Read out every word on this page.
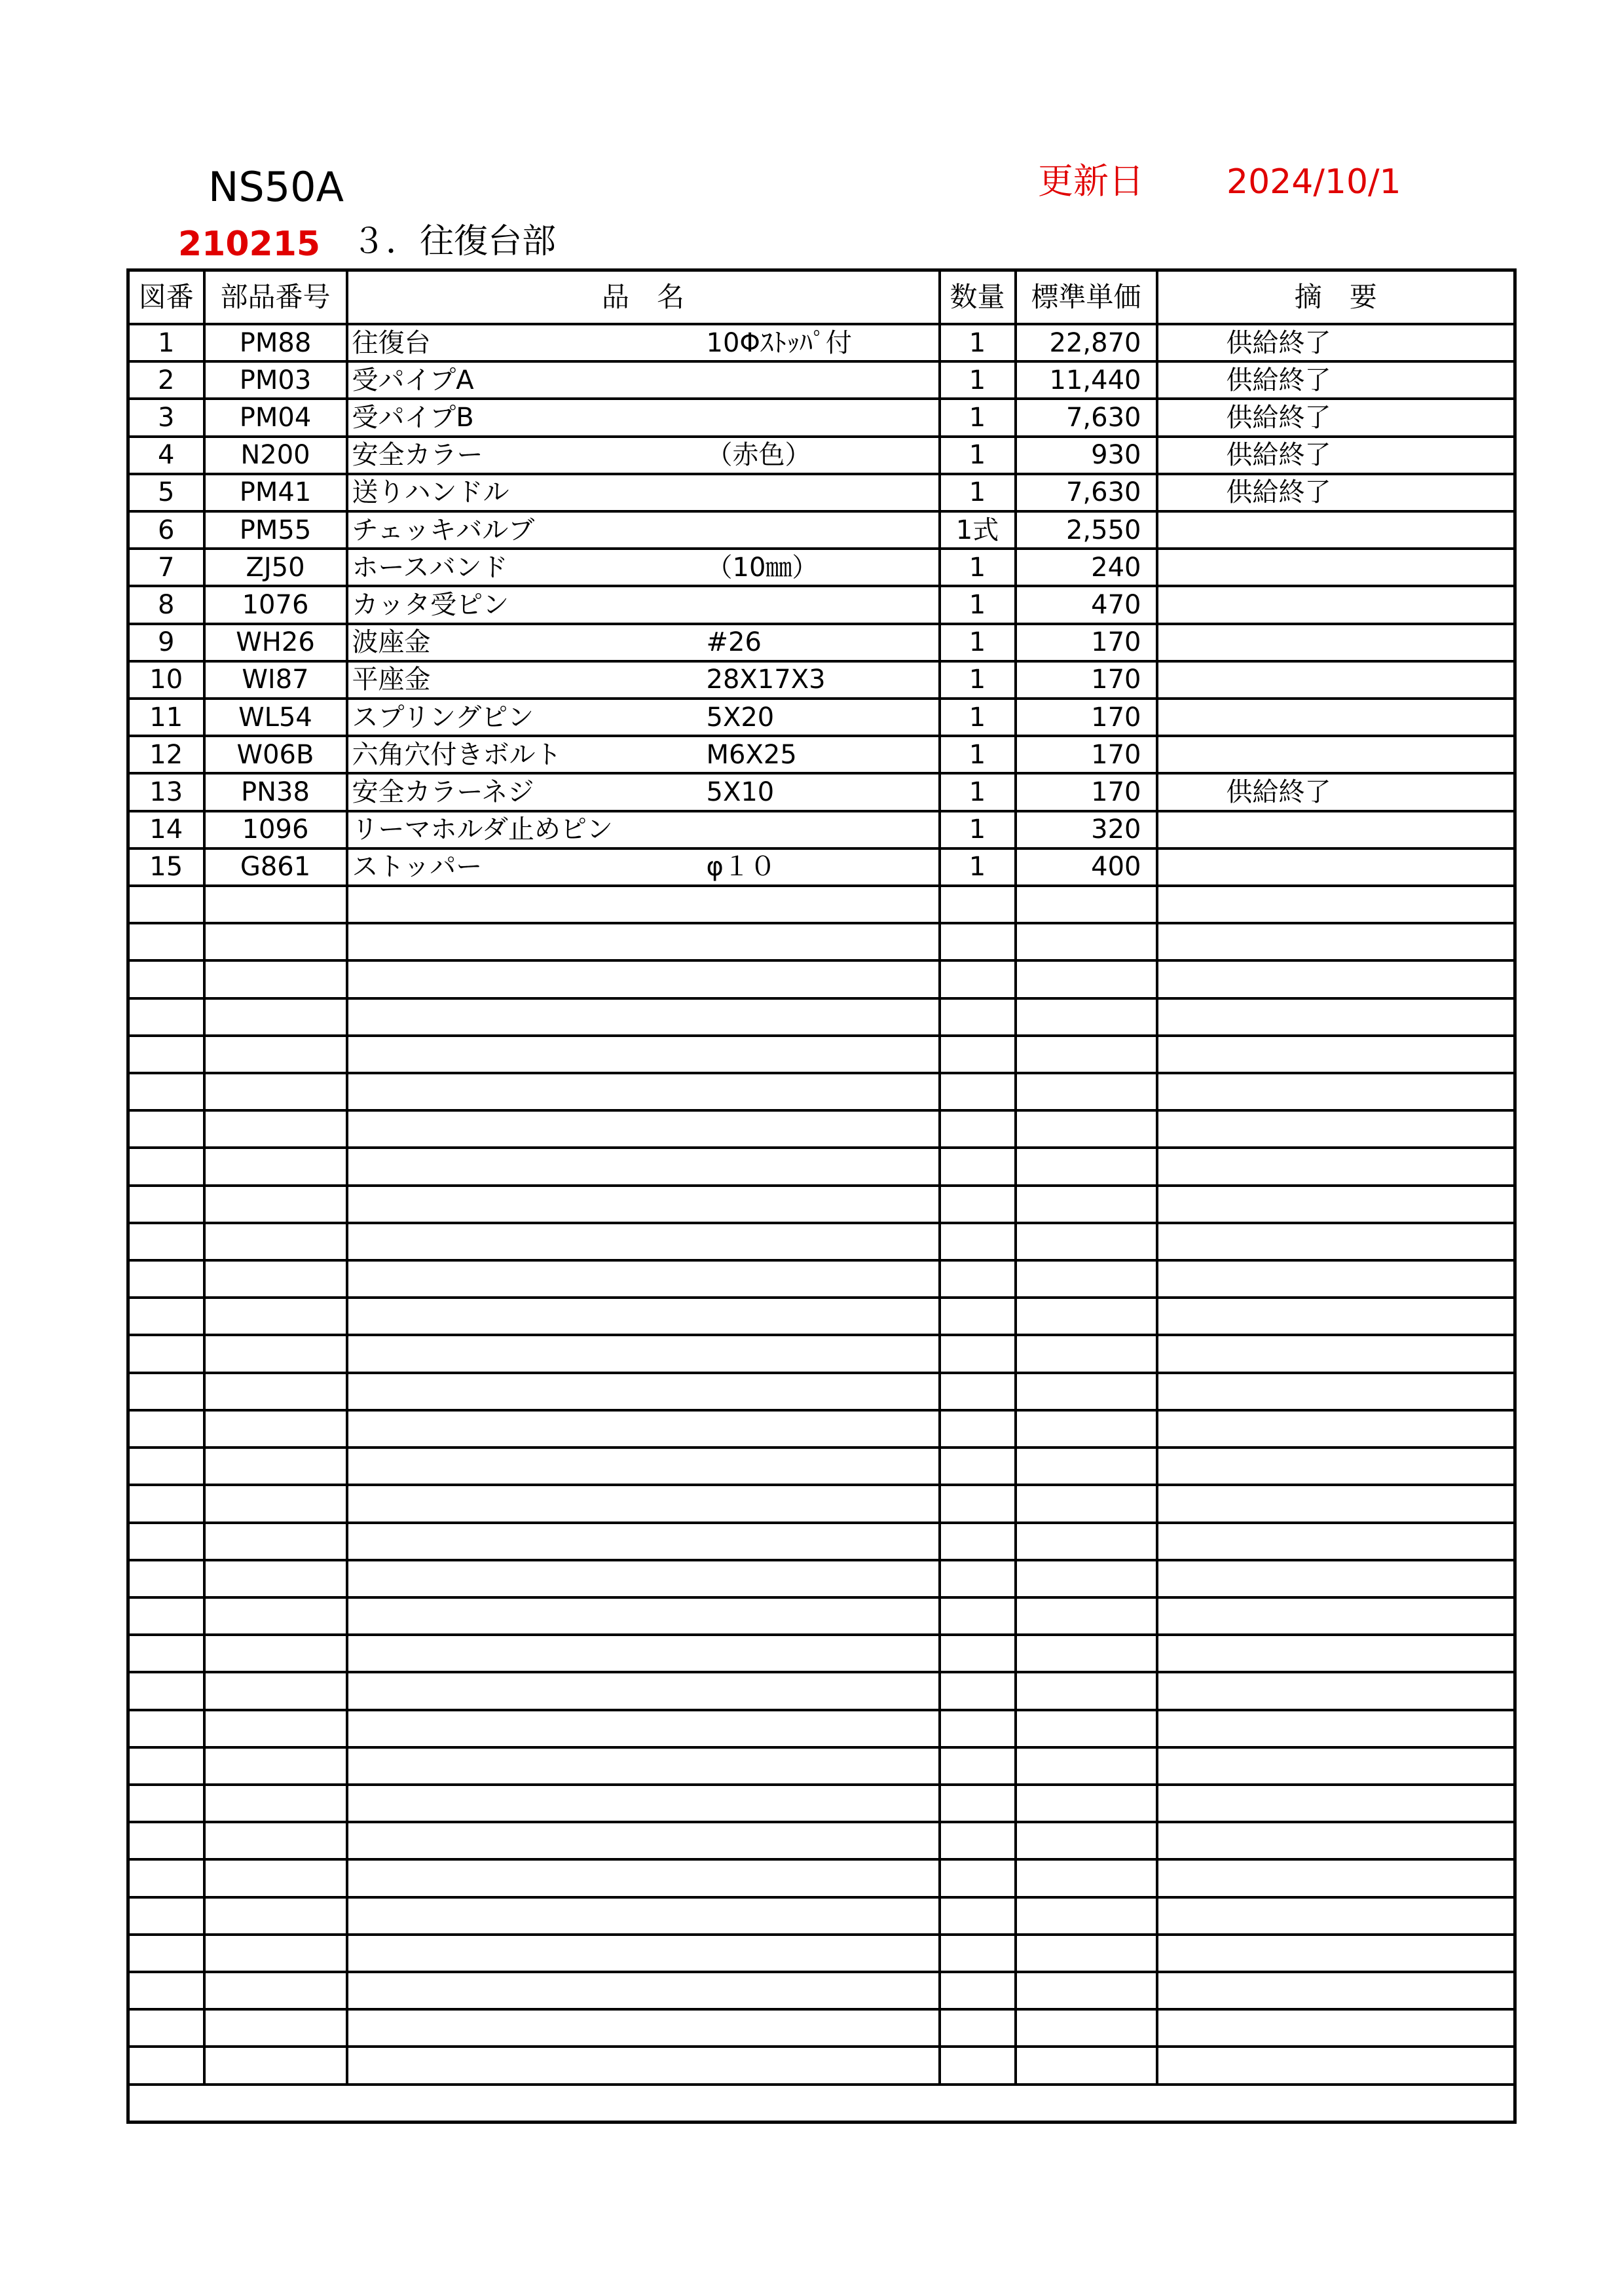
NS50A	更新日 2024/10/1
210215 ３．往復台部
図番	部品番号	品　名	数量	標準単価	摘　要
1	PM88	往復台 10Φｽﾄｯﾊﾟ付	1	22,870	供給終了
2	PM03	受パイプA	1	11,440	供給終了
3	PM04	受パイプB	1	7,630	供給終了
4	N200	安全カラー （赤色）	1	930	供給終了
5	PM41	送りハンドル	1	7,630	供給終了
6	PM55	チェッキバルブ	1式	2,550	
7	ZJ50	ホースバンド （10㎜）	1	240	
8	1076	カッタ受ピン	1	470	
9	WH26	波座金 #26	1	170	
10	WI87	平座金 28X17X3	1	170	
11	WL54	スプリングピン 5X20	1	170	
12	W06B	六角穴付きボルト M6X25	1	170	
13	PN38	安全カラーネジ 5X10	1	170	供給終了
14	1096	リーマホルダ止めピン	1	320	
15	G861	ストッパー φ１０	1	400	
